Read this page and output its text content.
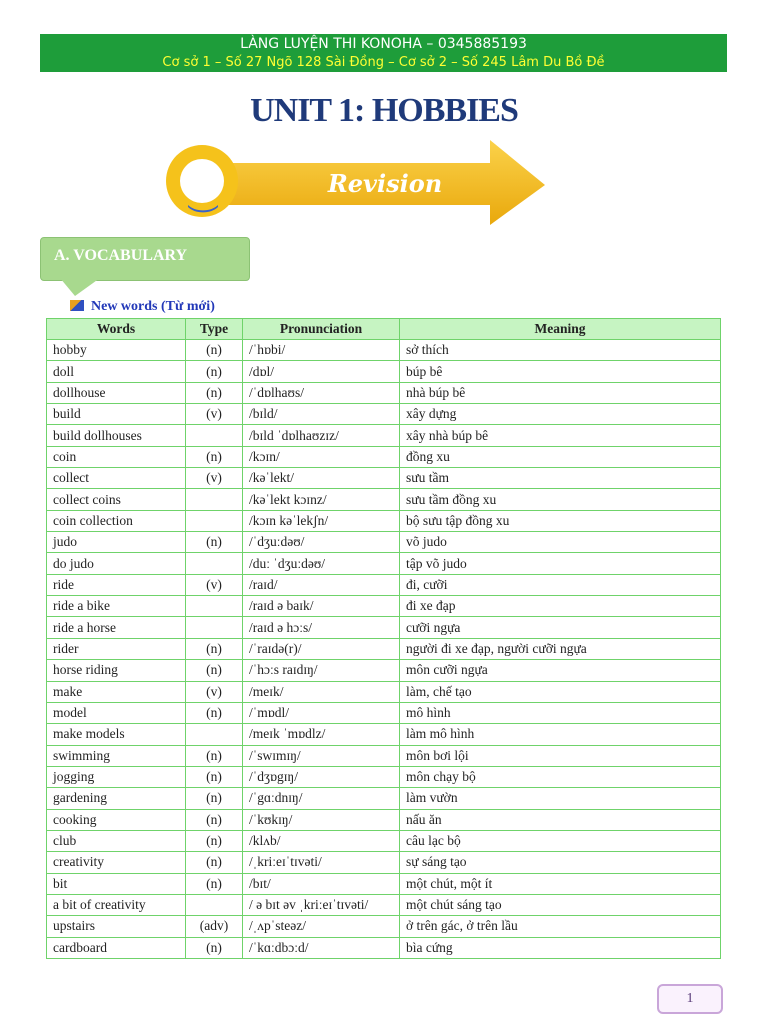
LÀNG LUYỆN THI KONOHA – 0345885193
Cơ sở 1 – Số 27 Ngõ 128 Sài Đồng – Cơ sở 2 – Số 245 Lâm Du Bồ Đề
UNIT 1: HOBBIES
Revision
A. VOCABULARY
New words (Từ mới)
Words	Type	Pronunciation	Meaning
hobby	(n)	/ˈhɒbi/	sở thích
doll	(n)	/dɒl/	búp bê
dollhouse	(n)	/ˈdɒlhaʊs/	nhà búp bê
build	(v)	/bɪld/	xây dựng
build dollhouses		/bɪld ˈdɒlhaʊzɪz/	xây nhà búp bê
coin	(n)	/kɔɪn/	đồng xu
collect	(v)	/kəˈlekt/	sưu tầm
collect coins		/kəˈlekt kɔɪnz/	sưu tầm đồng xu
coin collection		/kɔɪn kəˈlekʃn/	bộ sưu tập đồng xu
judo	(n)	/ˈdʒuːdəʊ/	võ judo
do judo		/duː ˈdʒuːdəʊ/	tập võ judo
ride	(v)	/raɪd/	đi, cưỡi
ride a bike		/raɪd ə baɪk/	đi xe đạp
ride a horse		/raɪd ə hɔːs/	cưỡi ngựa
rider	(n)	/ˈraɪdə(r)/	người đi xe đạp, người cưỡi ngựa
horse riding	(n)	/ˈhɔːs raɪdɪŋ/	môn cưỡi ngựa
make	(v)	/meɪk/	làm, chế tạo
model	(n)	/ˈmɒdl/	mô hình
make models		/meɪk ˈmɒdlz/	làm mô hình
swimming	(n)	/ˈswɪmɪŋ/	môn bơi lội
jogging	(n)	/ˈdʒɒgɪŋ/	môn chạy bộ
gardening	(n)	/ˈgɑːdnɪŋ/	làm vườn
cooking	(n)	/ˈkʊkɪŋ/	nấu ăn
club	(n)	/klʌb/	câu lạc bộ
creativity	(n)	/ˌkriːeɪˈtɪvəti/	sự sáng tạo
bit	(n)	/bɪt/	một chút, một ít
a bit of creativity		/ ə bɪt əv ˌkriːeɪˈtɪvəti/	một chút sáng tạo
upstairs	(adv)	/ˌʌpˈsteəz/	ở trên gác, ở trên lầu
cardboard	(n)	/ˈkɑːdbɔːd/	bìa cứng
1
